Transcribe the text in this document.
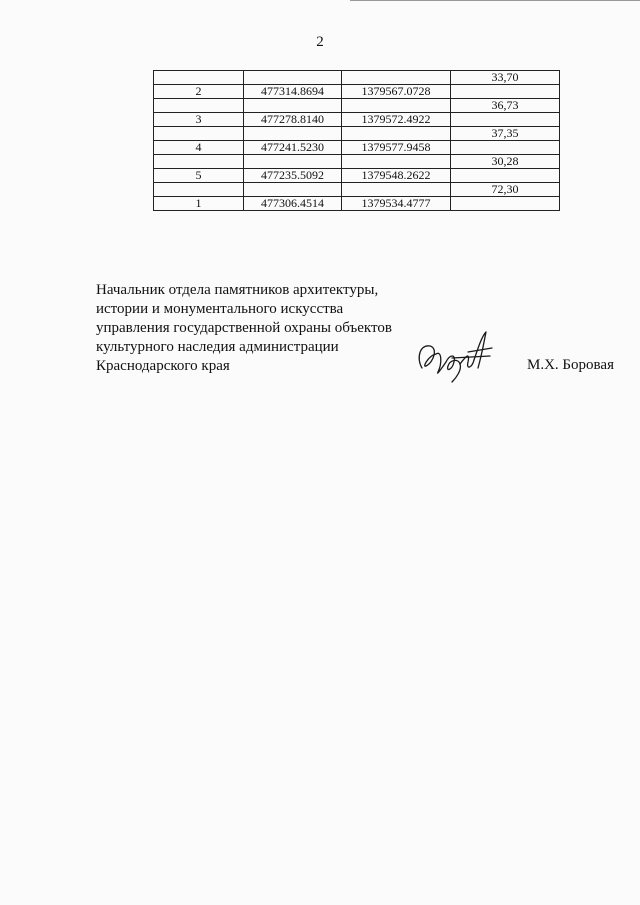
2
			33,70
2	477314.8694	1379567.0728	
			36,73
3	477278.8140	1379572.4922	
			37,35
4	477241.5230	1379577.9458	
			30,28
5	477235.5092	1379548.2622	
			72,30
1	477306.4514	1379534.4777	
Начальник отдела памятников архитектуры,
истории и монументального искусства
управления государственной охраны объектов
культурного наследия администрации
Краснодарского края	М.Х. Боровая
